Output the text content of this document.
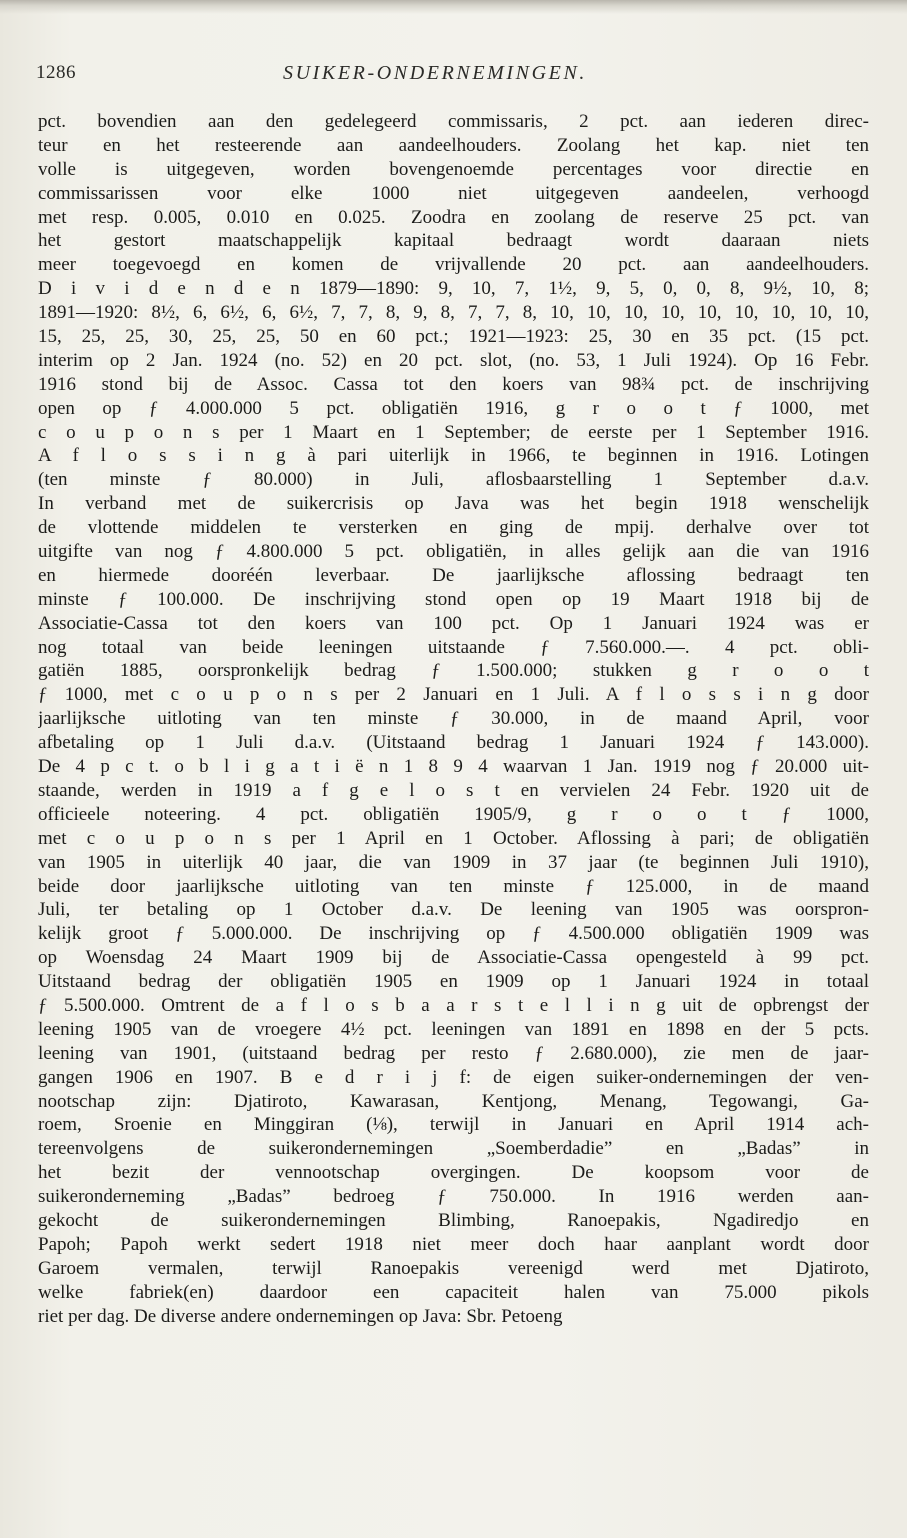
1286	SUIKER-ONDERNEMINGEN.
pct. bovendien aan den gedelegeerd commissaris, 2 pct. aan iederen direc-
teur en het resteerende aan aandeelhouders. Zoolang het kap. niet ten
volle is uitgegeven, worden bovengenoemde percentages voor directie en
commissarissen voor elke 1000 niet uitgegeven aandeelen, verhoogd
met resp. 0.005, 0.010 en 0.025. Zoodra en zoolang de reserve 25 pct. van
het gestort maatschappelijk kapitaal bedraagt wordt daaraan niets
meer toegevoegd en komen de vrijvallende 20 pct. aan aandeelhouders.
D i v i d e n d e n 1879—1890: 9, 10, 7, 1½, 9, 5, 0, 0, 8, 9½, 10, 8;
1891—1920: 8½, 6, 6½, 6, 6½, 7, 7, 8, 9, 8, 7, 7, 8, 10, 10, 10, 10, 10, 10, 10, 10, 10,
15, 25, 25, 30, 25, 25, 50 en 60 pct.; 1921—1923: 25, 30 en 35 pct. (15 pct.
interim op 2 Jan. 1924 (no. 52) en 20 pct. slot, (no. 53, 1 Juli 1924). Op 16 Febr.
1916 stond bij de Assoc. Cassa tot den koers van 98¾ pct. de inschrijving
open op ƒ 4.000.000 5 pct. obligatiën 1916, g r o o t ƒ 1000, met
c o u p o n s per 1 Maart en 1 September; de eerste per 1 September 1916.
A f l o s s i n g à pari uiterlijk in 1966, te beginnen in 1916. Lotingen
(ten minste ƒ 80.000) in Juli, aflosbaarstelling 1 September d.a.v.
In verband met de suikercrisis op Java was het begin 1918 wenschelijk
de vlottende middelen te versterken en ging de mpij. derhalve over tot
uitgifte van nog ƒ 4.800.000 5 pct. obligatiën, in alles gelijk aan die van 1916
en hiermede dooréén leverbaar. De jaarlijksche aflossing bedraagt ten
minste ƒ 100.000. De inschrijving stond open op 19 Maart 1918 bij de
Associatie-Cassa tot den koers van 100 pct. Op 1 Januari 1924 was er
nog totaal van beide leeningen uitstaande ƒ 7.560.000.—. 4 pct. obli-
gatiën 1885, oorspronkelijk bedrag ƒ 1.500.000; stukken g r o o t
ƒ 1000, met c o u p o n s per 2 Januari en 1 Juli. A f l o s s i n g door
jaarlijksche uitloting van ten minste ƒ 30.000, in de maand April, voor
afbetaling op 1 Juli d.a.v. (Uitstaand bedrag 1 Januari 1924 ƒ 143.000).
De 4 p c t. o b l i g a t i ë n 1 8 9 4 waarvan 1 Jan. 1919 nog ƒ 20.000 uit-
staande, werden in 1919 a f g e l o s t en vervielen 24 Febr. 1920 uit de
officieele noteering. 4 pct. obligatiën 1905/9, g r o o t ƒ 1000,
met c o u p o n s per 1 April en 1 October. Aflossing à pari; de obligatiën
van 1905 in uiterlijk 40 jaar, die van 1909 in 37 jaar (te beginnen Juli 1910),
beide door jaarlijksche uitloting van ten minste ƒ 125.000, in de maand
Juli, ter betaling op 1 October d.a.v. De leening van 1905 was oorspron-
kelijk groot ƒ 5.000.000. De inschrijving op ƒ 4.500.000 obligatiën 1909 was
op Woensdag 24 Maart 1909 bij de Associatie-Cassa opengesteld à 99 pct.
Uitstaand bedrag der obligatiën 1905 en 1909 op 1 Januari 1924 in totaal
ƒ 5.500.000. Omtrent de a f l o s b a a r s t e l l i n g uit de opbrengst der
leening 1905 van de vroegere 4½ pct. leeningen van 1891 en 1898 en der 5 pcts.
leening van 1901, (uitstaand bedrag per resto ƒ 2.680.000), zie men de jaar-
gangen 1906 en 1907. B e d r i j f: de eigen suiker-ondernemingen der ven-
nootschap zijn: Djatiroto, Kawarasan, Kentjong, Menang, Tegowangi, Ga-
roem, Sroenie en Minggiran (⅛), terwijl in Januari en April 1914 ach-
tereenvolgens de suikerondernemingen „Soemberdadie” en „Badas” in
het bezit der vennootschap overgingen. De koopsom voor de
suikeronderneming „Badas” bedroeg ƒ 750.000. In 1916 werden aan-
gekocht de suikerondernemingen Blimbing, Ranoepakis, Ngadiredjo en
Papoh; Papoh werkt sedert 1918 niet meer doch haar aanplant wordt door
Garoem vermalen, terwijl Ranoepakis vereenigd werd met Djatiroto,
welke fabriek(en) daardoor een capaciteit halen van 75.000 pikols
riet per dag. De diverse andere ondernemingen op Java: Sbr. Petoeng
